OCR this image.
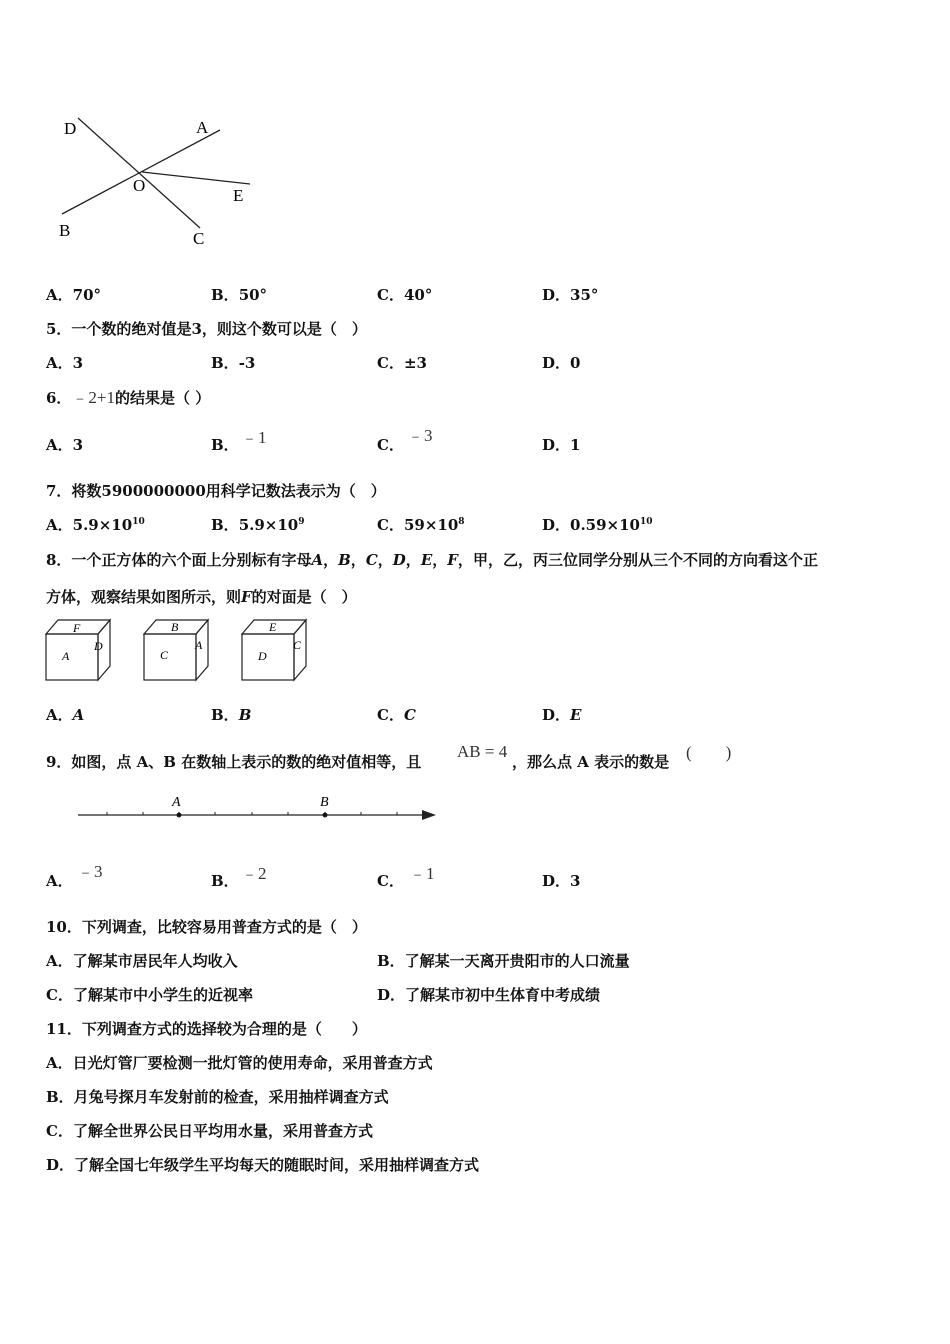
D	A
O
E
B	C
A．70°	B．50°	C．40°	D．35°
5．一个数的绝对值是3，则这个数可以是（　）
A．3	B．-3	C．±3	D．0
6．﹣2+1的结果是（ ）
A．3	B． ﹣1	C． ﹣3	D．1
7．将数5900000000用科学记数法表示为（　）
A．$5.9\times 10^{10}$	B．$5.9\times 10^9$	C．$59\times 10^8$	D．$0.59\times 10^{10}$
8．一个正方体的六个面上分别标有字母A，B，C，D，E，F，甲，乙，丙三位同学分别从三个不同的方向看这个正
方体，观察结果如图所示，则F的对面是（　）
F
A
D
B
C
A
E
D
C
A．A	B．B	C．C	D．E
9．如图，点 A、B 在数轴上表示的数的绝对值相等，且
AB = 4
，那么点 A 表示的数是 (　　)
A	B
A． ﹣3	B． ﹣2	C． ﹣1	D．3
10．下列调查，比较容易用普查方式的是（　）
A．了解某市居民年人均收入	B．了解某一天离开贵阳市的人口流量
C．了解某市中小学生的近视率	D．了解某市初中生体育中考成绩
11．下列调查方式的选择较为合理的是（　　）
A．日光灯管厂要检测一批灯管的使用寿命，采用普查方式
B．月兔号探月车发射前的检查，采用抽样调查方式
C．了解全世界公民日平均用水量，采用普查方式
D．了解全国七年级学生平均每天的随眠时间，采用抽样调查方式
